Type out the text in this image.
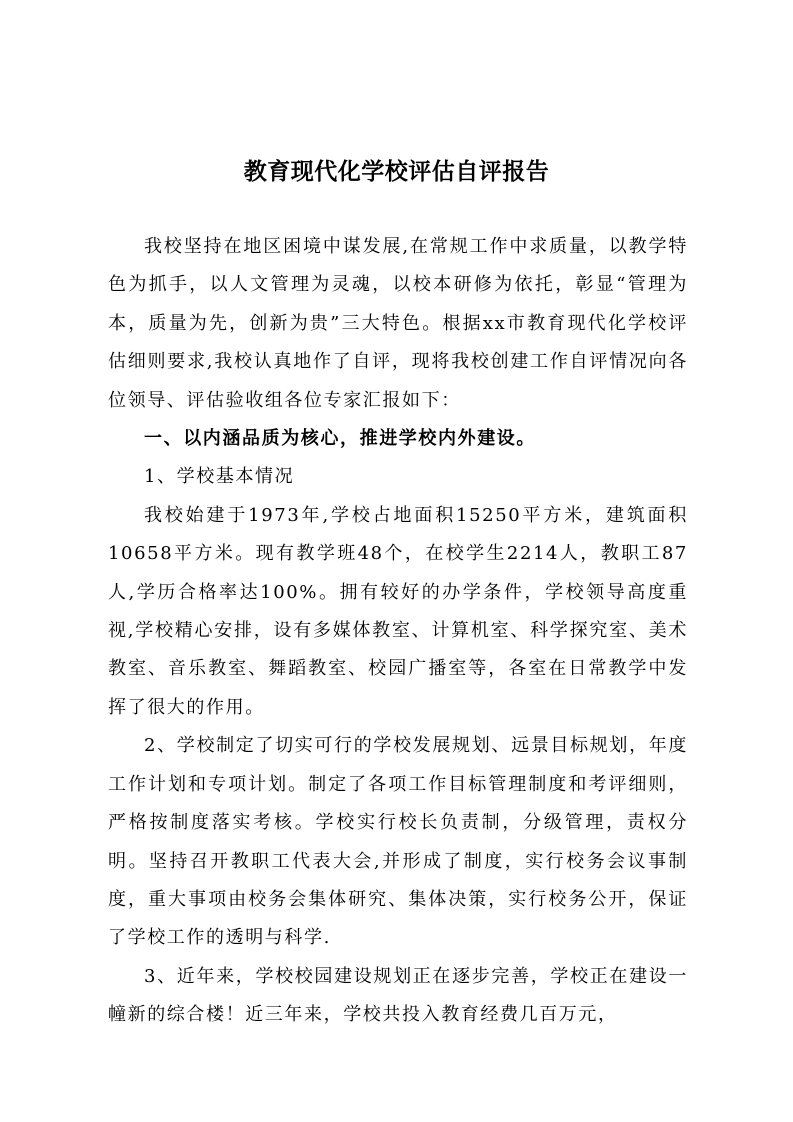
教育现代化学校评估自评报告

我校坚持在地区困境中谋发展,在常规工作中求质量，以教学特色为抓手，以人文管理为灵魂，以校本研修为依托，彰显“管理为本，质量为先，创新为贵”三大特色。根据xx市教育现代化学校评估细则要求,我校认真地作了自评，现将我校创建工作自评情况向各位领导、评估验收组各位专家汇报如下：

一、以内涵品质为核心，推进学校内外建设。

1、学校基本情况

我校始建于1973年,学校占地面积15250平方米，建筑面积10658平方米。现有教学班48个，在校学生2214人，教职工87人,学历合格率达100%。拥有较好的办学条件，学校领导高度重视,学校精心安排，设有多媒体教室、计算机室、科学探究室、美术教室、音乐教室、舞蹈教室、校园广播室等，各室在日常教学中发挥了很大的作用。

2、学校制定了切实可行的学校发展规划、远景目标规划，年度工作计划和专项计划。制定了各项工作目标管理制度和考评细则，严格按制度落实考核。学校实行校长负责制，分级管理，责权分明。坚持召开教职工代表大会,并形成了制度，实行校务会议事制度，重大事项由校务会集体研究、集体决策，实行校务公开，保证了学校工作的透明与科学.

3、近年来，学校校园建设规划正在逐步完善，学校正在建设一幢新的综合楼！近三年来，学校共投入教育经费几百万元，
